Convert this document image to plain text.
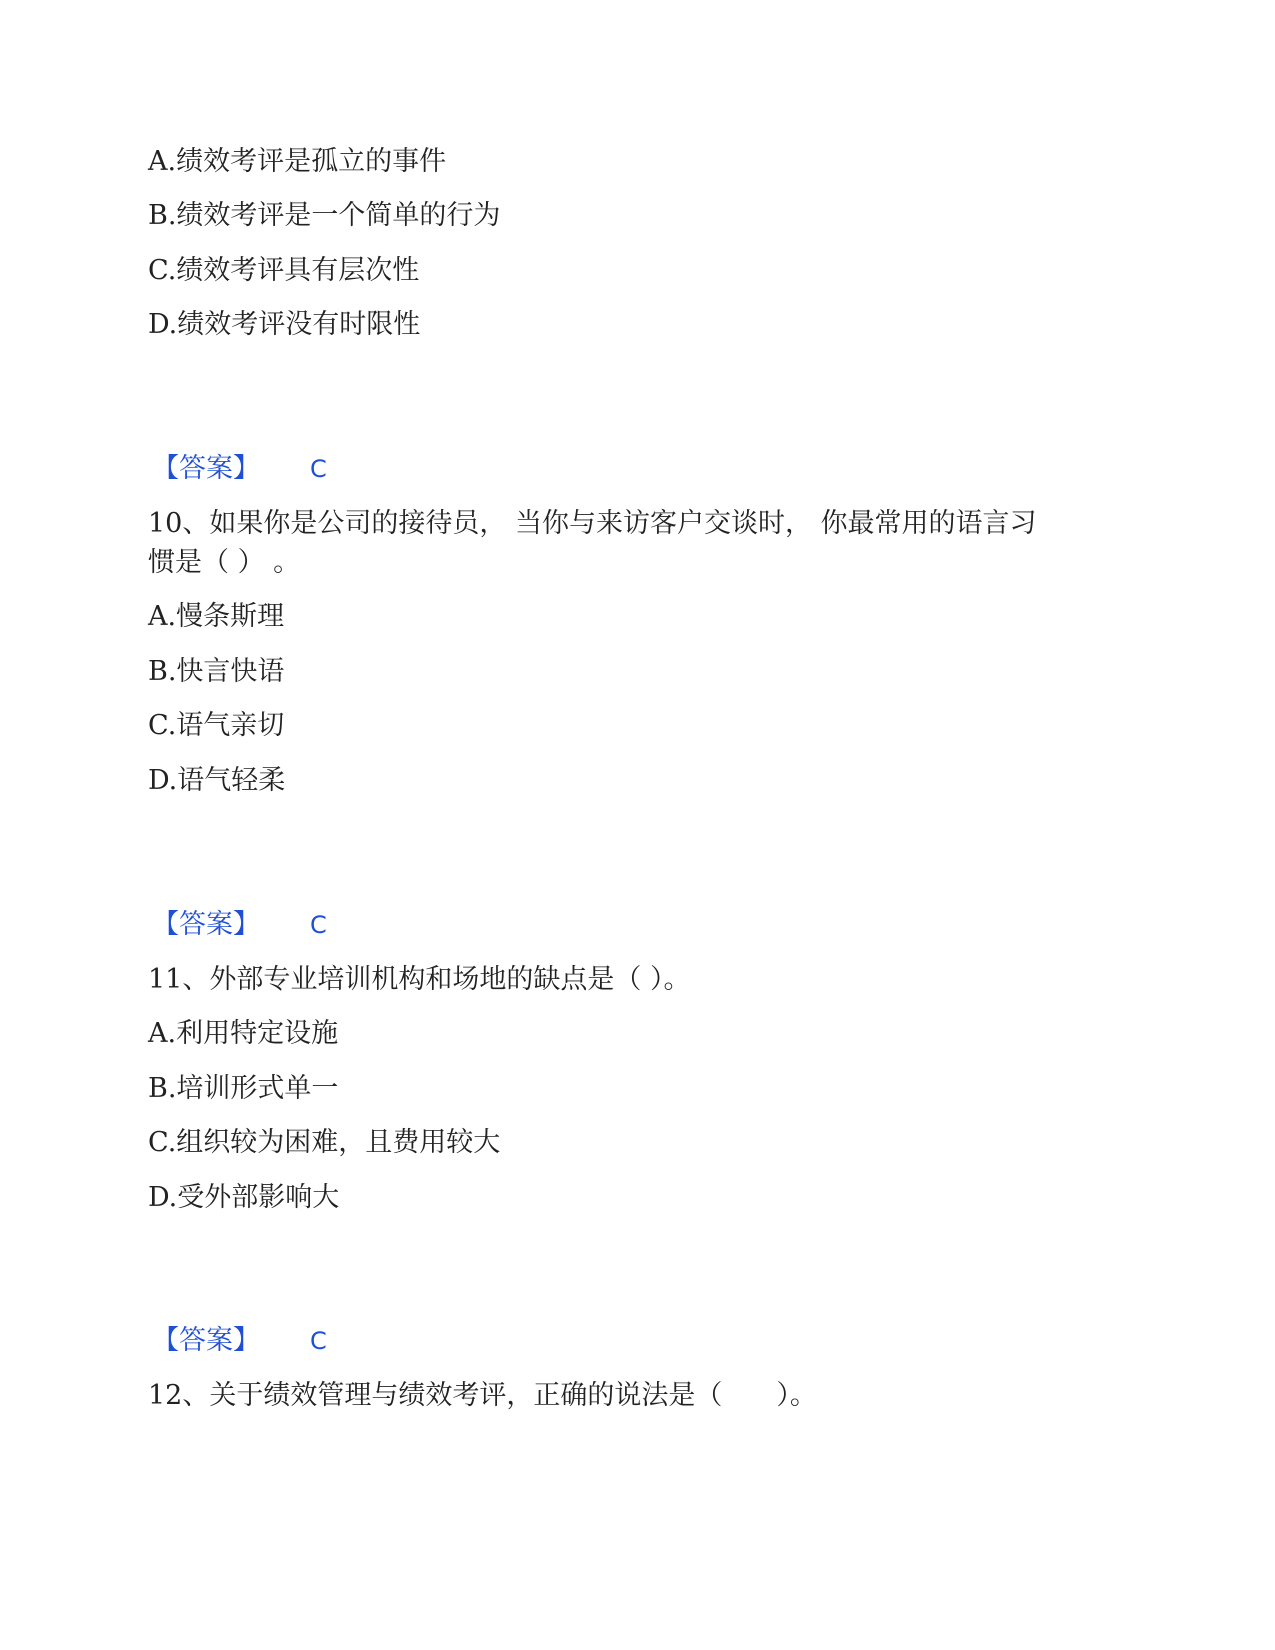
A.绩效考评是孤立的事件
B.绩效考评是一个简单的行为
C.绩效考评具有层次性
D.绩效考评没有时限性
【答案】 C
10、如果你是公司的接待员， 当你与来访客户交谈时， 你最常用的语言习
惯是（ ） 。
A.慢条斯理
B.快言快语
C.语气亲切
D.语气轻柔
【答案】 C
11、外部专业培训机构和场地的缺点是（ ）。
A.利用特定设施
B.培训形式单一
C.组织较为困难，且费用较大
D.受外部影响大
【答案】 C
12、关于绩效管理与绩效考评，正确的说法是（　　）。
